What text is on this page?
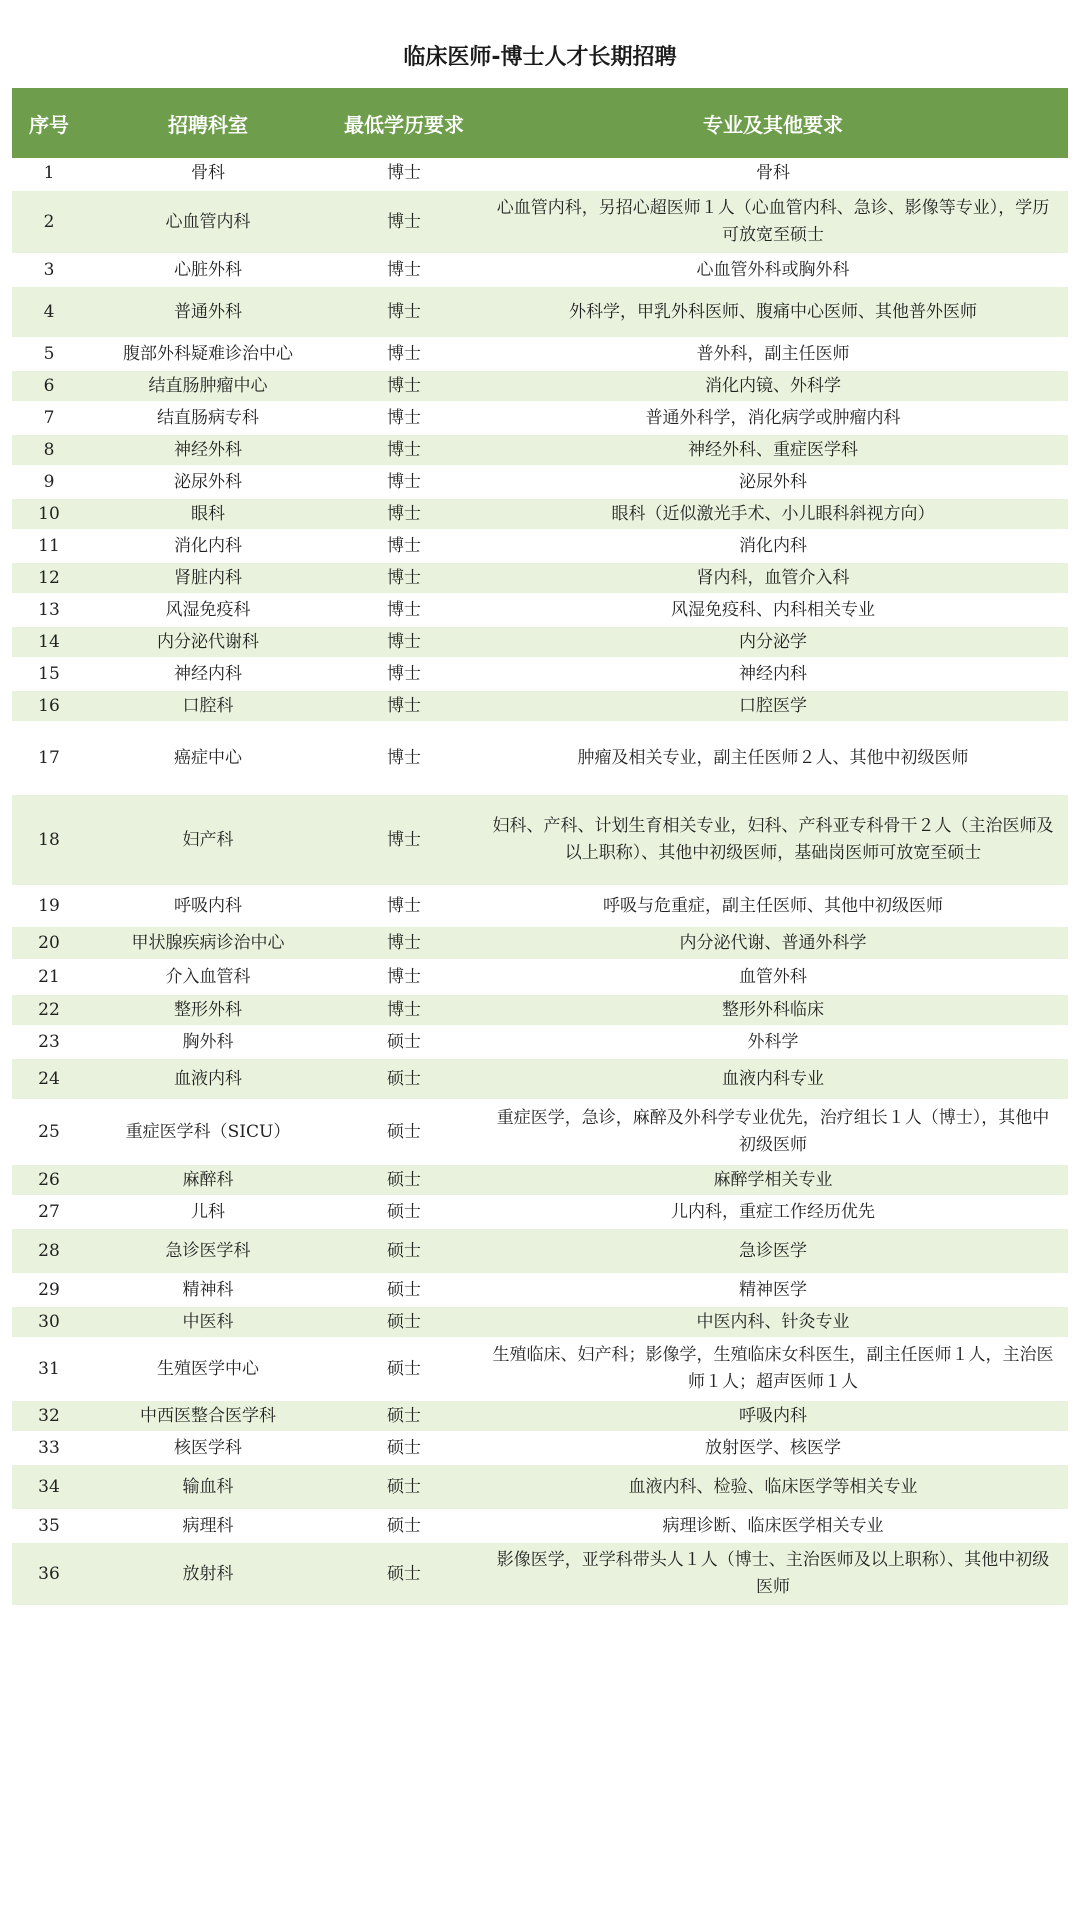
临床医师-博士人才长期招聘
序号	招聘科室	最低学历要求	专业及其他要求
1	骨科	博士	骨科
2	心血管内科	博士	心血管内科，另招心超医师１人（心血管内科、急诊、影像等专业），学历可放宽至硕士
3	心脏外科	博士	心血管外科或胸外科
4	普通外科	博士	外科学，甲乳外科医师、腹痛中心医师、其他普外医师
5	腹部外科疑难诊治中心	博士	普外科，副主任医师
6	结直肠肿瘤中心	博士	消化内镜、外科学
7	结直肠病专科	博士	普通外科学，消化病学或肿瘤内科
8	神经外科	博士	神经外科、重症医学科
9	泌尿外科	博士	泌尿外科
10	眼科	博士	眼科（近似激光手术、小儿眼科斜视方向）
11	消化内科	博士	消化内科
12	肾脏内科	博士	肾内科，血管介入科
13	风湿免疫科	博士	风湿免疫科、内科相关专业
14	内分泌代谢科	博士	内分泌学
15	神经内科	博士	神经内科
16	口腔科	博士	口腔医学
17	癌症中心	博士	肿瘤及相关专业，副主任医师２人、其他中初级医师
18	妇产科	博士	妇科、产科、计划生育相关专业，妇科、产科亚专科骨干２人（主治医师及以上职称）、其他中初级医师，基础岗医师可放宽至硕士
19	呼吸内科	博士	呼吸与危重症，副主任医师、其他中初级医师
20	甲状腺疾病诊治中心	博士	内分泌代谢、普通外科学
21	介入血管科	博士	血管外科
22	整形外科	博士	整形外科临床
23	胸外科	硕士	外科学
24	血液内科	硕士	血液内科专业
25	重症医学科（SICU）	硕士	重症医学，急诊，麻醉及外科学专业优先，治疗组长１人（博士），其他中初级医师
26	麻醉科	硕士	麻醉学相关专业
27	儿科	硕士	儿内科，重症工作经历优先
28	急诊医学科	硕士	急诊医学
29	精神科	硕士	精神医学
30	中医科	硕士	中医内科、针灸专业
31	生殖医学中心	硕士	生殖临床、妇产科；影像学，生殖临床女科医生，副主任医师１人，主治医师１人；超声医师１人
32	中西医整合医学科	硕士	呼吸内科
33	核医学科	硕士	放射医学、核医学
34	输血科	硕士	血液内科、检验、临床医学等相关专业
35	病理科	硕士	病理诊断、临床医学相关专业
36	放射科	硕士	影像医学，亚学科带头人１人（博士、主治医师及以上职称）、其他中初级医师
